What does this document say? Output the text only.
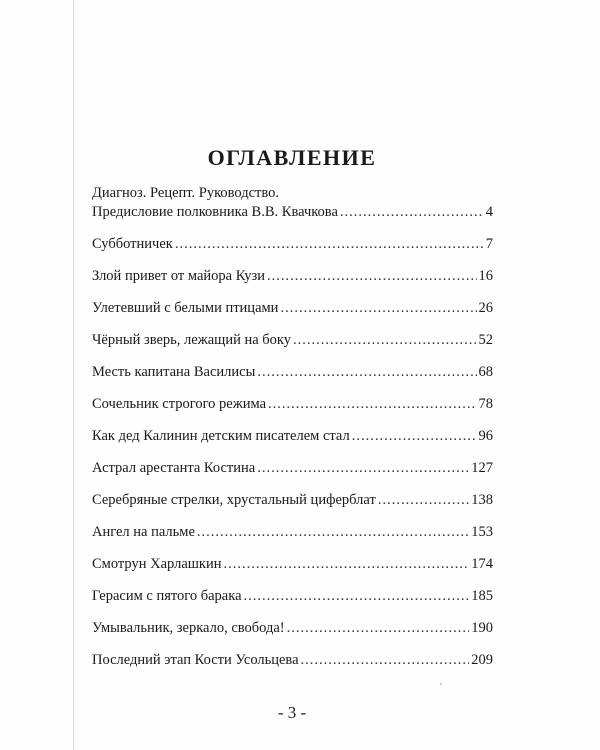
ОГЛАВЛЕНИЕ
Диагноз. Рецепт. Руководство.
Предисловие полковника В.В. Квачкова .....	4
Субботничек .....	7
Злой привет от майора Кузи .....	16
Улетевший с белыми птицами .....	26
Чёрный зверь, лежащий на боку .....	52
Месть капитана Василисы .....	68
Сочельник строгого режима .....	78
Как дед Калинин детским писателем стал .....	96
Астрал арестанта Костина .....	127
Серебряные стрелки, хрустальный циферблат .....	138
Ангел на пальме .....	153
Смотрун Харлашкин .....	174
Герасим с пятого барака .....	185
Умывальник, зеркало, свобода! .....	190
Последний этап Кости Усольцева .....	209
- 3 -
